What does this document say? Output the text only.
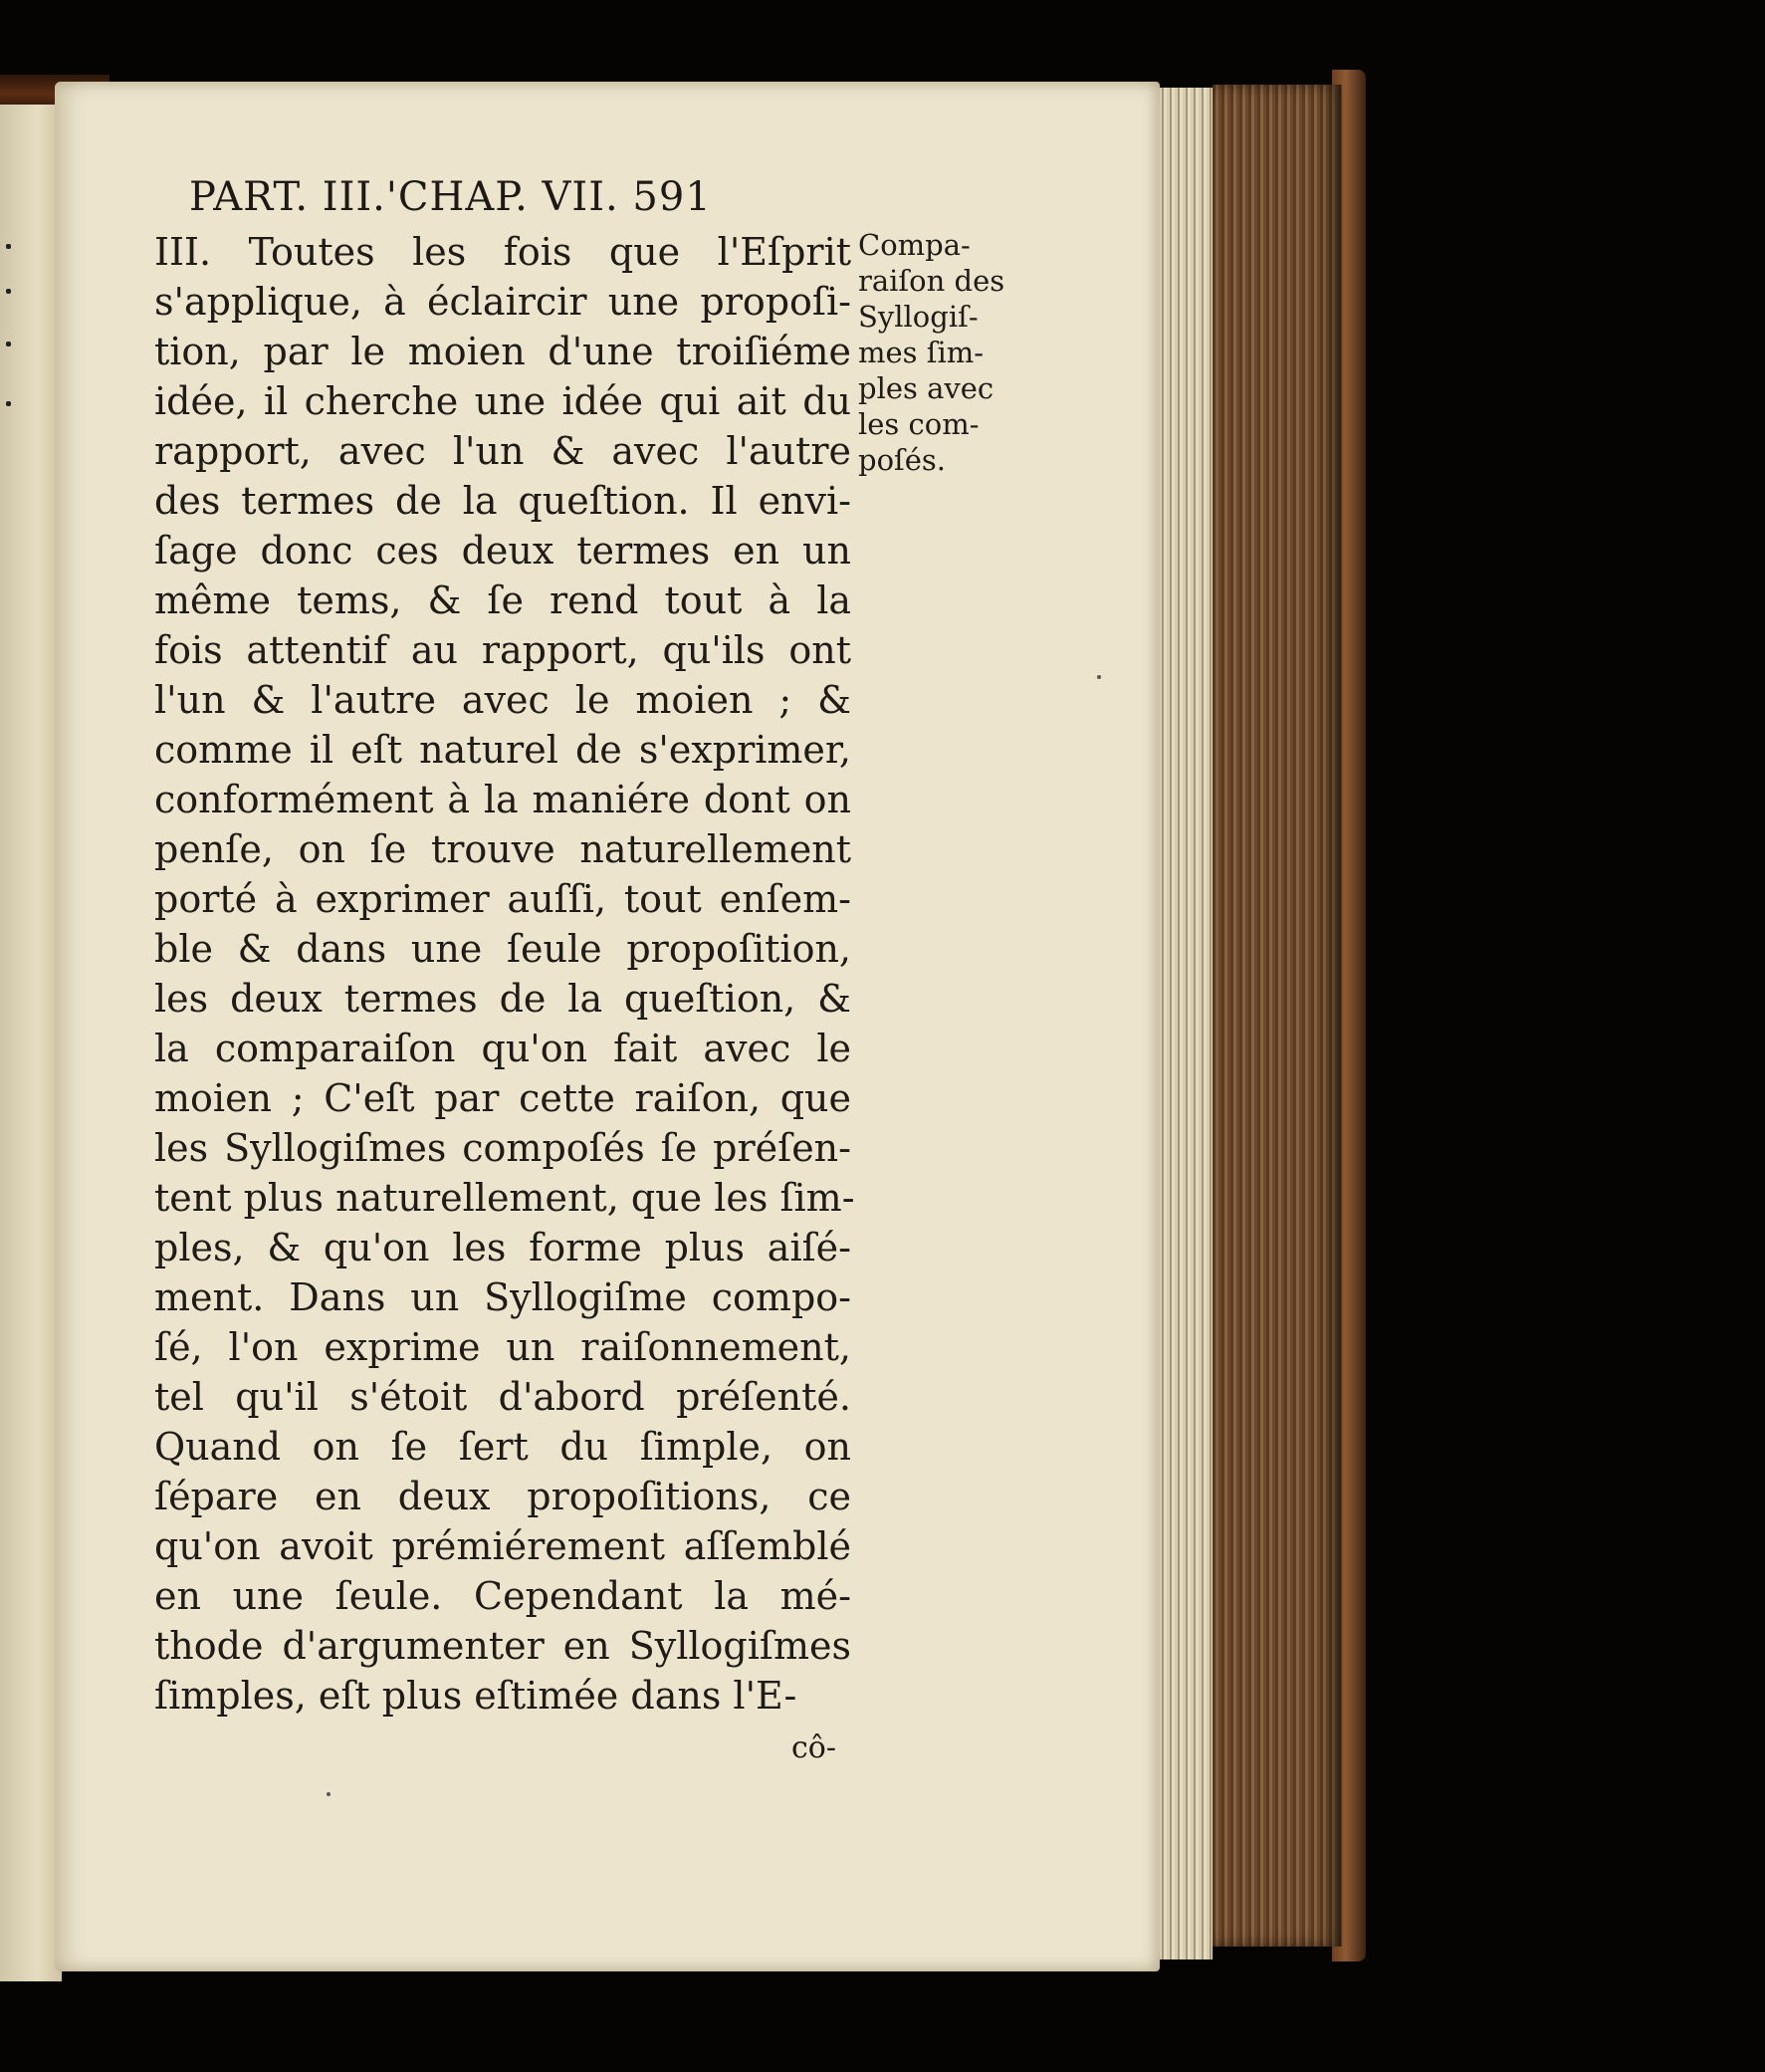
PART. III.'CHAP. VII. 591
III. Toutes les fois que l'Eſprit
s'applique, à éclaircir une propoſi-
tion, par le moien d'une troiſiéme
idée, il cherche une idée qui ait du
rapport, avec l'un & avec l'autre
des termes de la queſtion. Il envi-
ſage donc ces deux termes en un
même tems, & ſe rend tout à la
fois attentif au rapport, qu'ils ont
l'un & l'autre avec le moien ; &
comme il eſt naturel de s'exprimer,
conformément à la maniére dont on
penſe, on ſe trouve naturellement
porté à exprimer auſſi, tout enſem-
ble & dans une ſeule propoſition,
les deux termes de la queſtion, &
la comparaiſon qu'on fait avec le
moien ; C'eſt par cette raiſon, que
les Syllogiſmes compoſés ſe préſen-
tent plus naturellement, que les ſim-
ples, & qu'on les forme plus aiſé-
ment. Dans un Syllogiſme compo-
ſé, l'on exprime un raiſonnement,
tel qu'il s'étoit d'abord préſenté.
Quand on ſe ſert du ſimple, on
ſépare en deux propoſitions, ce
qu'on avoit prémiérement aſſemblé
en une ſeule. Cependant la mé-
thode d'argumenter en Syllogiſmes
ſimples, eſt plus eſtimée dans l'E-
Compa-
raiſon des
Syllogiſ-
mes ſim-
ples avec
les com-
poſés.

cô-
